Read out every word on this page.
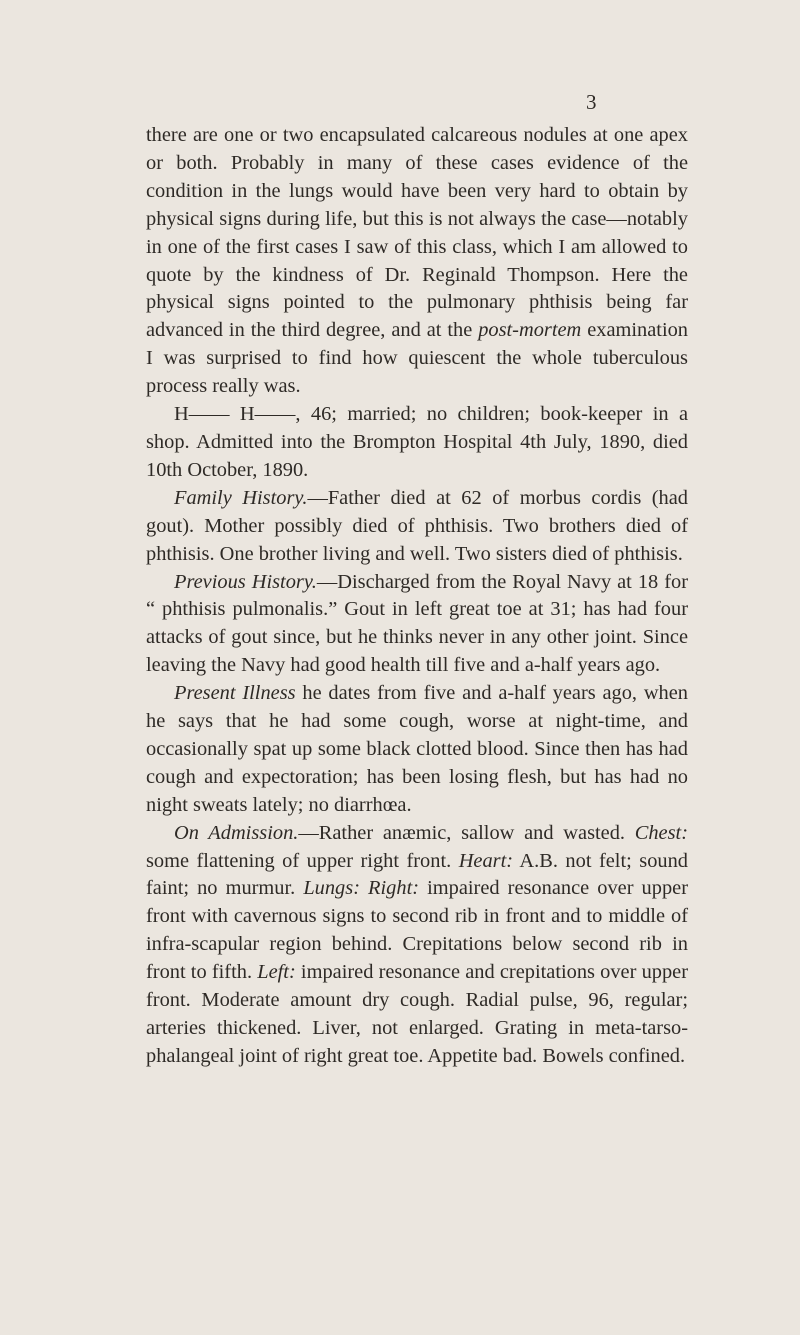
3

there are one or two encapsulated calcareous nodules at one apex or both. Probably in many of these cases evidence of the condition in the lungs would have been very hard to obtain by physical signs during life, but this is not always the case—notably in one of the first cases I saw of this class, which I am allowed to quote by the kindness of Dr. Reginald Thompson. Here the physical signs pointed to the pulmonary phthisis being far advanced in the third degree, and at the post-mortem examination I was surprised to find how quiescent the whole tuberculous process really was.

H—— H——, 46; married; no children; book-keeper in a shop. Admitted into the Brompton Hospital 4th July, 1890, died 10th October, 1890.

Family History.—Father died at 62 of morbus cordis (had gout). Mother possibly died of phthisis. Two brothers died of phthisis. One brother living and well. Two sisters died of phthisis.

Previous History.—Discharged from the Royal Navy at 18 for “ phthisis pulmonalis.” Gout in left great toe at 31; has had four attacks of gout since, but he thinks never in any other joint. Since leaving the Navy had good health till five and a-half years ago.

Present Illness he dates from five and a-half years ago, when he says that he had some cough, worse at night-time, and occasionally spat up some black clotted blood. Since then has had cough and expectoration; has been losing flesh, but has had no night sweats lately; no diarrhœa.

On Admission.—Rather anæmic, sallow and wasted. Chest: some flattening of upper right front. Heart: A.B. not felt; sound faint; no murmur. Lungs: Right: impaired resonance over upper front with cavernous signs to second rib in front and to middle of infra-scapular region behind. Crepitations below second rib in front to fifth. Left: impaired resonance and crepitations over upper front. Moderate amount dry cough. Radial pulse, 96, regular; arteries thickened. Liver, not enlarged. Grating in meta-tarso-phalangeal joint of right great toe. Appetite bad. Bowels confined.
